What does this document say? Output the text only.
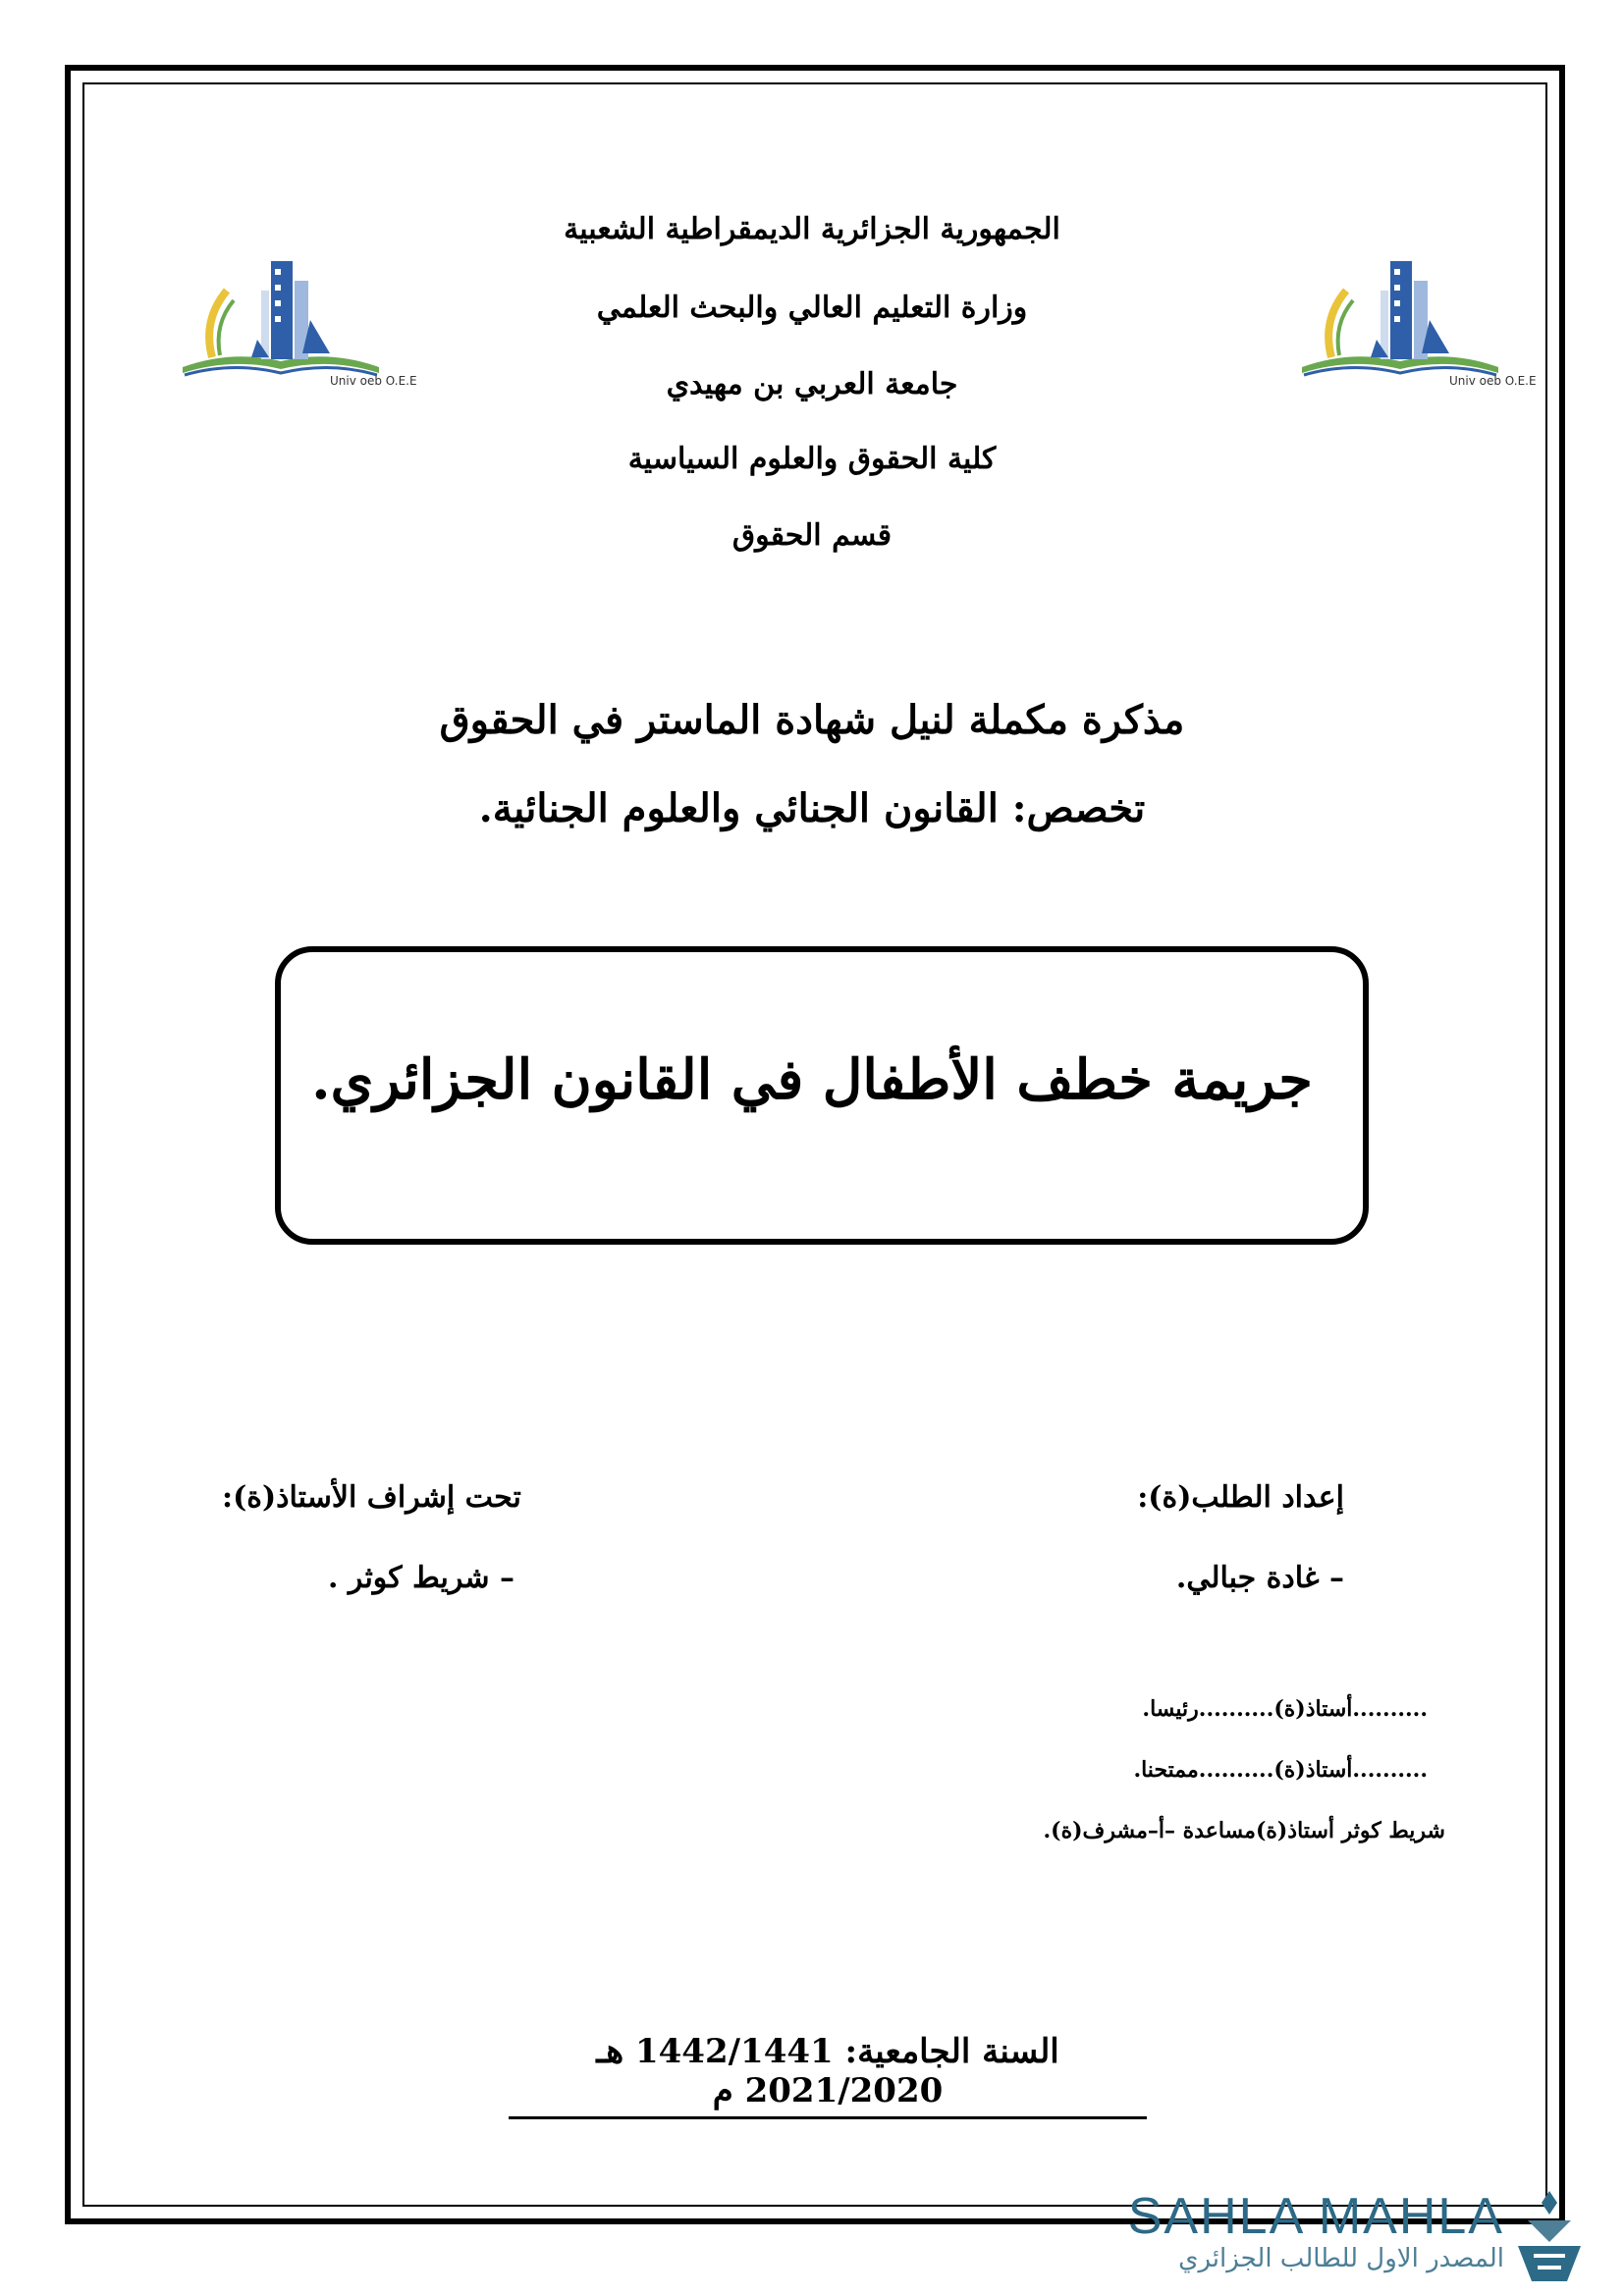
الجمهورية الجزائرية الديمقراطية الشعبية
وزارة التعليم العالي والبحث العلمي
جامعة العربي بن مهيدي
كلية الحقوق والعلوم السياسية
قسم الحقوق
Univ oeb O.E.E	Univ oeb O.E.E
مذكرة مكملة لنيل شهادة الماستر في الحقوق
تخصص: القانون الجنائي والعلوم الجنائية.
جريمة خطف الأطفال في القانون الجزائري.
إعداد الطلب(ة):
– غادة جبالي.
تحت إشراف الأستاذ(ة):
– شريط كوثر .
..........أستاذ(ة)..........رئيسا.
..........أستاذ(ة)..........ممتحنا.
شريط كوثر أستاذ(ة)مساعدة –أ–مشرف(ة).
السنة الجامعية: 1442/1441 هـ 2021/2020 م
SAHLA MAHLA
المصدر الاول للطالب الجزائري
